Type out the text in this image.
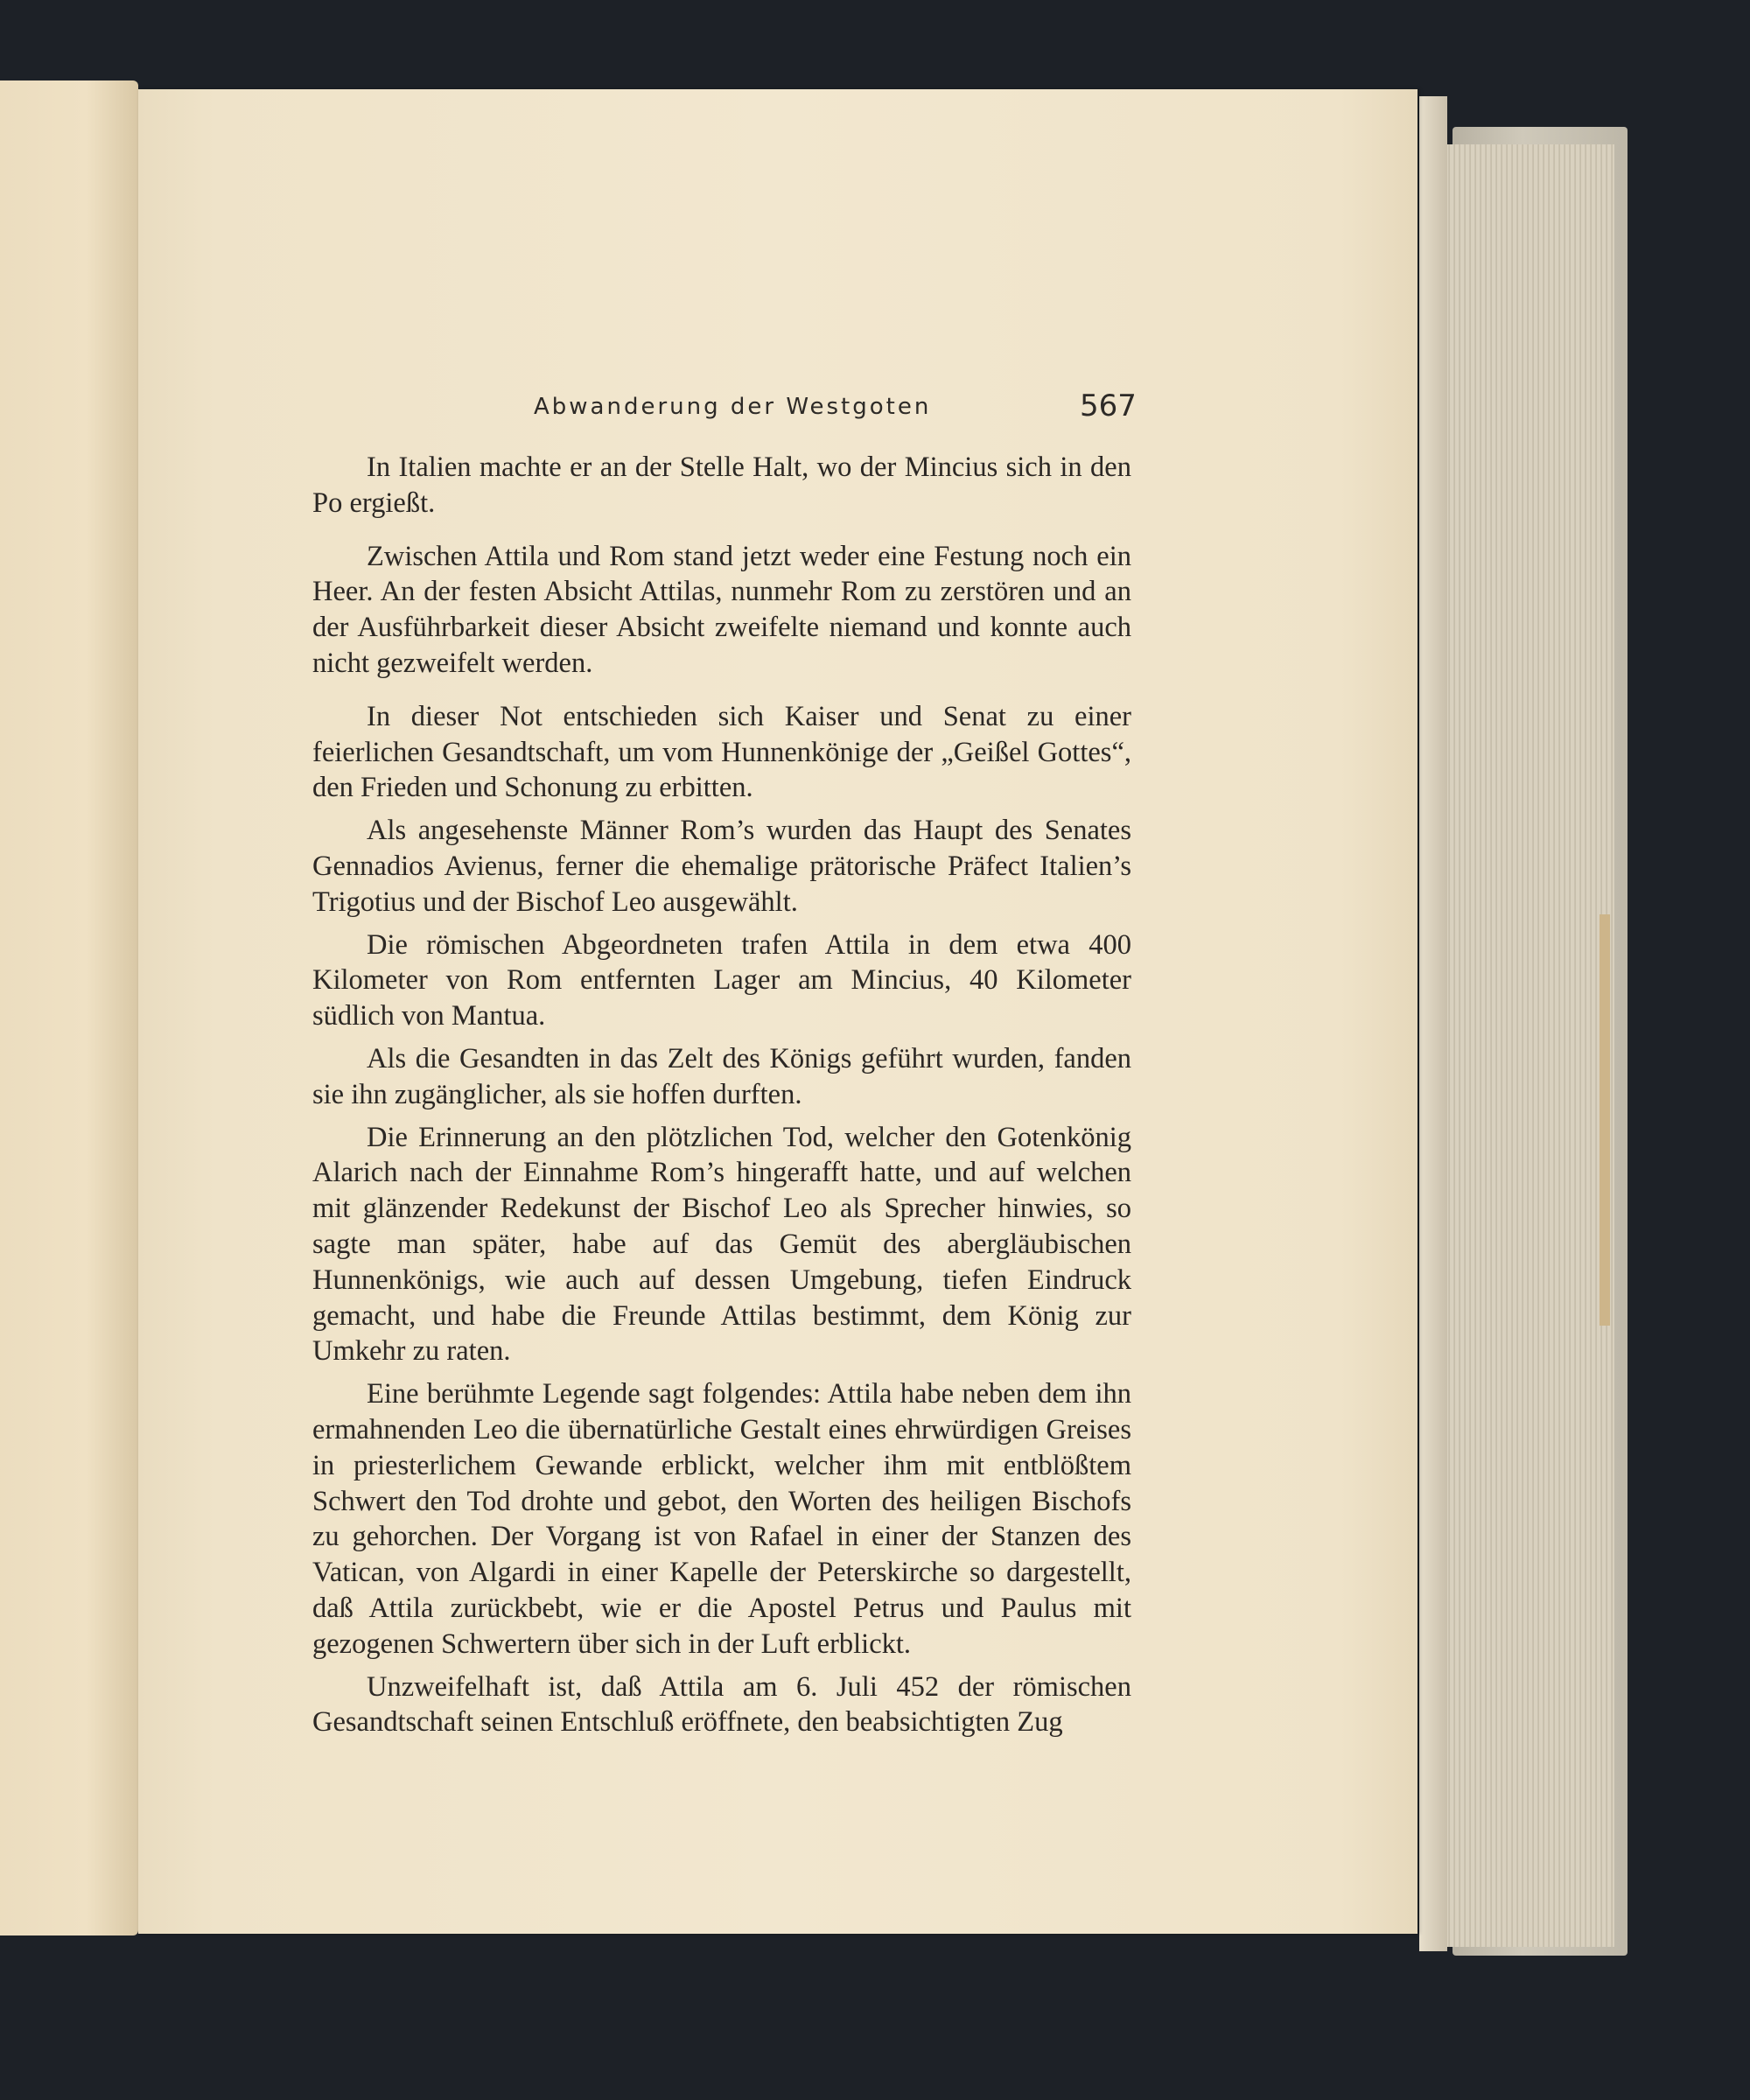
Abwanderung der Westgoten	567

In Italien machte er an der Stelle Halt, wo der Mincius sich in den Po ergießt.

Zwischen Attila und Rom stand jetzt weder eine Festung noch ein Heer. An der festen Absicht Attilas, nunmehr Rom zu zerstören und an der Ausführbarkeit dieser Absicht zweifelte niemand und konnte auch nicht gezweifelt werden.

In dieser Not entschieden sich Kaiser und Senat zu einer feierlichen Gesandtschaft, um vom Hunnenkönige der „Geißel Gottes“, den Frieden und Schonung zu erbitten.

Als angesehenste Männer Rom’s wurden das Haupt des Senates Gennadios Avienus, ferner die ehemalige prätorische Präfect Italien’s Trigotius und der Bischof Leo ausgewählt.

Die römischen Abgeordneten trafen Attila in dem etwa 400 Kilometer von Rom entfernten Lager am Mincius, 40 Kilometer südlich von Mantua.

Als die Gesandten in das Zelt des Königs geführt wurden, fanden sie ihn zugänglicher, als sie hoffen durften.

Die Erinnerung an den plötzlichen Tod, welcher den Gotenkönig Alarich nach der Einnahme Rom’s hingerafft hatte, und auf welchen mit glänzender Redekunst der Bischof Leo als Sprecher hinwies, so sagte man später, habe auf das Gemüt des abergläubischen Hunnenkönigs, wie auch auf dessen Umgebung, tiefen Eindruck gemacht, und habe die Freunde Attilas bestimmt, dem König zur Umkehr zu raten.

Eine berühmte Legende sagt folgendes: Attila habe neben dem ihn ermahnenden Leo die übernatürliche Gestalt eines ehrwürdigen Greises in priesterlichem Gewande erblickt, welcher ihm mit entblößtem Schwert den Tod drohte und gebot, den Worten des heiligen Bischofs zu gehorchen. Der Vorgang ist von Rafael in einer der Stanzen des Vatican, von Algardi in einer Kapelle der Peterskirche so dargestellt, daß Attila zurückbebt, wie er die Apostel Petrus und Paulus mit gezogenen Schwertern über sich in der Luft erblickt.

Unzweifelhaft ist, daß Attila am 6. Juli 452 der römischen Gesandtschaft seinen Entschluß eröffnete, den beabsichtigten Zug
